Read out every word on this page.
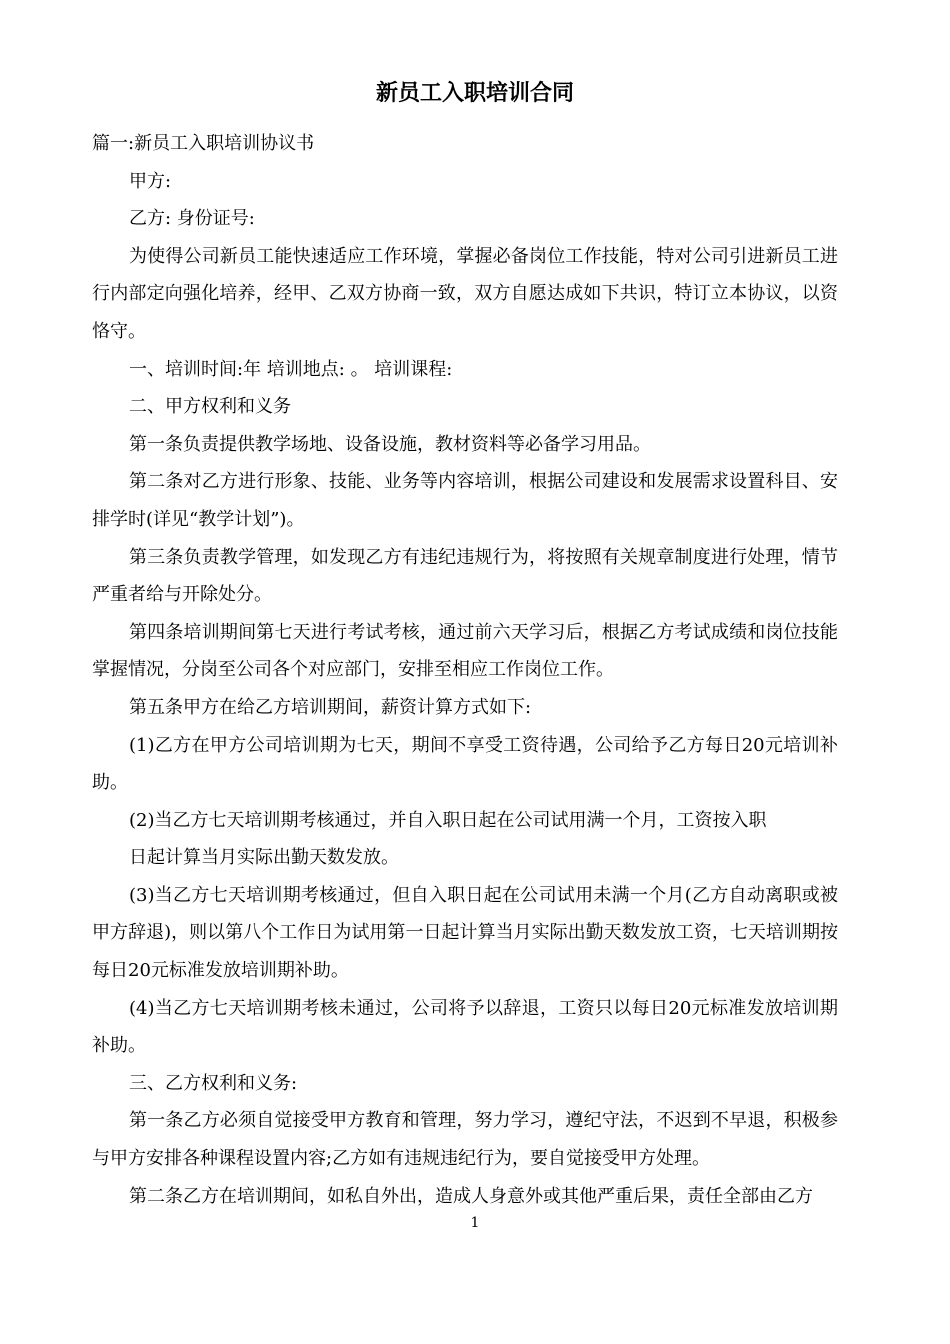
新员工入职培训合同

篇一:新员工入职培训协议书

甲方:

乙方: 身份证号:

为使得公司新员工能快速适应工作环境，掌握必备岗位工作技能，特对公司引进新员工进行内部定向强化培养，经甲、乙双方协商一致，双方自愿达成如下共识，特订立本协议，以资恪守。

一、培训时间:年 培训地点: 。 培训课程:

二、甲方权利和义务

第一条负责提供教学场地、设备设施，教材资料等必备学习用品。

第二条对乙方进行形象、技能、业务等内容培训，根据公司建设和发展需求设置科目、安排学时(详见“教学计划”)。

第三条负责教学管理，如发现乙方有违纪违规行为，将按照有关规章制度进行处理，情节严重者给与开除处分。

第四条培训期间第七天进行考试考核，通过前六天学习后，根据乙方考试成绩和岗位技能掌握情况，分岗至公司各个对应部门，安排至相应工作岗位工作。

第五条甲方在给乙方培训期间，薪资计算方式如下:

(1)乙方在甲方公司培训期为七天，期间不享受工资待遇，公司给予乙方每日20元培训补助。

(2)当乙方七天培训期考核通过，并自入职日起在公司试用满一个月，工资按入职

日起计算当月实际出勤天数发放。

(3)当乙方七天培训期考核通过，但自入职日起在公司试用未满一个月(乙方自动离职或被甲方辞退)，则以第八个工作日为试用第一日起计算当月实际出勤天数发放工资，七天培训期按每日20元标准发放培训期补助。

(4)当乙方七天培训期考核未通过，公司将予以辞退，工资只以每日20元标准发放培训期补助。

三、乙方权利和义务:

第一条乙方必须自觉接受甲方教育和管理，努力学习，遵纪守法，不迟到不早退，积极参与甲方安排各种课程设置内容;乙方如有违规违纪行为，要自觉接受甲方处理。

第二条乙方在培训期间，如私自外出，造成人身意外或其他严重后果，责任全部由乙方

1
